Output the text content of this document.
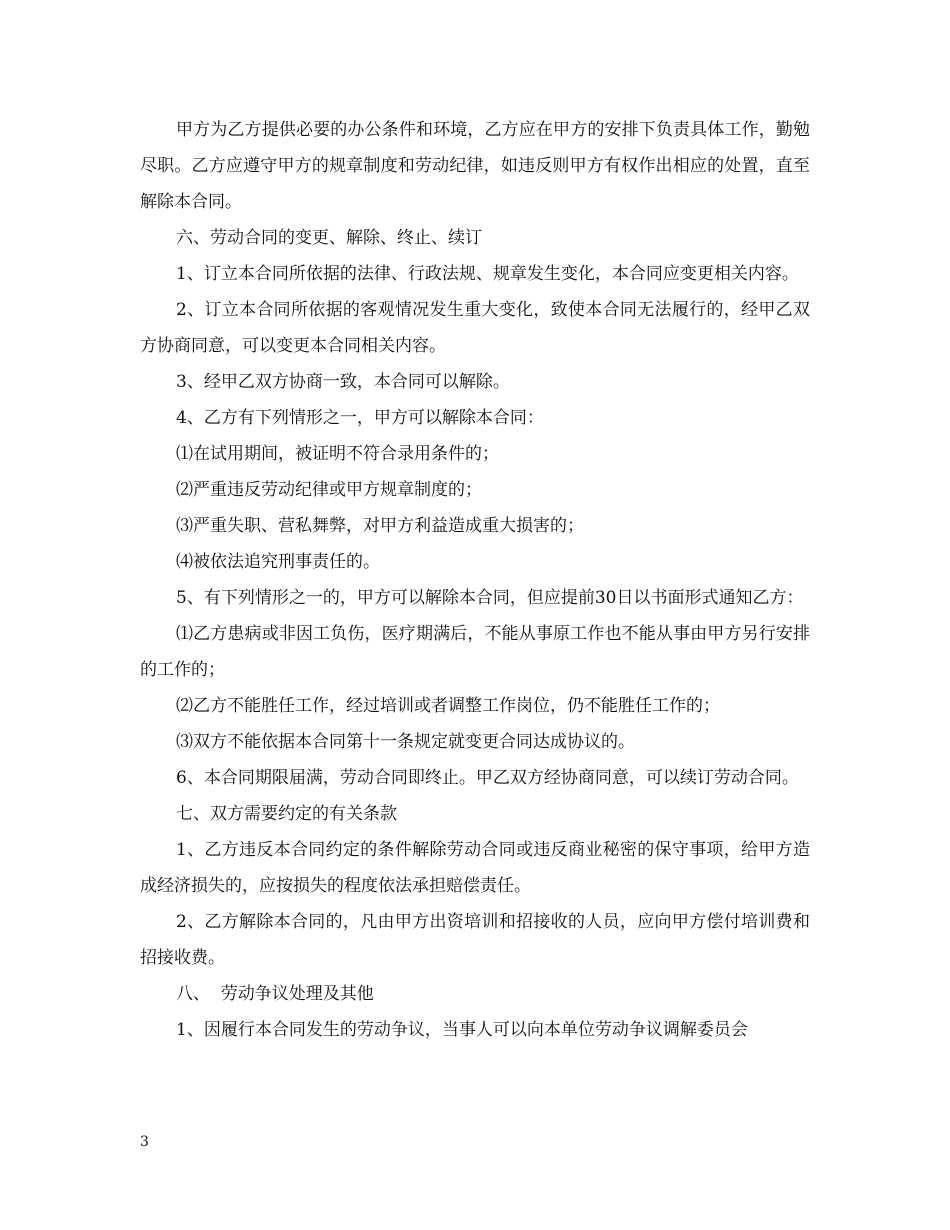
甲方为乙方提供必要的办公条件和环境，乙方应在甲方的安排下负责具体工作，勤勉尽职。乙方应遵守甲方的规章制度和劳动纪律，如违反则甲方有权作出相应的处置，直至解除本合同。

六、劳动合同的变更、解除、终止、续订

1、订立本合同所依据的法律、行政法规、规章发生变化，本合同应变更相关内容。

2、订立本合同所依据的客观情况发生重大变化，致使本合同无法履行的，经甲乙双方协商同意，可以变更本合同相关内容。

3、经甲乙双方协商一致，本合同可以解除。

4、乙方有下列情形之一，甲方可以解除本合同：

⑴在试用期间，被证明不符合录用条件的；

⑵严重违反劳动纪律或甲方规章制度的；

⑶严重失职、营私舞弊，对甲方利益造成重大损害的；

⑷被依法追究刑事责任的。

5、有下列情形之一的，甲方可以解除本合同，但应提前30日以书面形式通知乙方：

⑴乙方患病或非因工负伤，医疗期满后，不能从事原工作也不能从事由甲方另行安排的工作的；

⑵乙方不能胜任工作，经过培训或者调整工作岗位，仍不能胜任工作的；

⑶双方不能依据本合同第十一条规定就变更合同达成协议的。

6、本合同期限届满，劳动合同即终止。甲乙双方经协商同意，可以续订劳动合同。

七、双方需要约定的有关条款

1、乙方违反本合同约定的条件解除劳动合同或违反商业秘密的保守事项，给甲方造成经济损失的，应按损失的程度依法承担赔偿责任。

2、乙方解除本合同的，凡由甲方出资培训和招接收的人员，应向甲方偿付培训费和招接收费。

八、  劳动争议处理及其他

1、因履行本合同发生的劳动争议，当事人可以向本单位劳动争议调解委员会

3
